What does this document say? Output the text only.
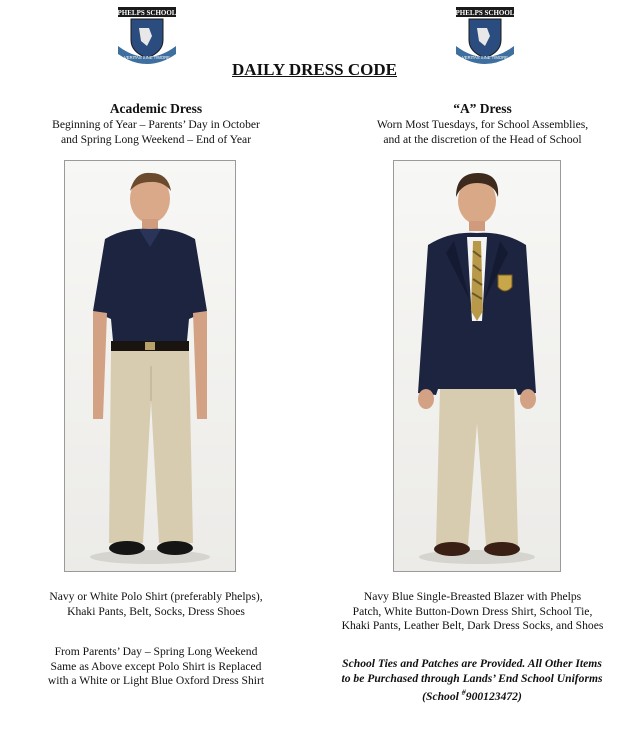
PHELPS SCHOOL
VERITAS SINE TIMORE
PHELPS SCHOOL
VERITAS SINE TIMORE
DAILY DRESS CODE
Academic Dress
Beginning of Year – Parents’ Day in October
and Spring Long Weekend – End of Year
“A” Dress
Worn Most Tuesdays, for School Assemblies,
and at the discretion of the Head of School
Navy or White Polo Shirt (preferably Phelps),
Khaki Pants, Belt, Socks, Dress Shoes
Navy Blue Single-Breasted Blazer with Phelps
Patch, White Button-Down Dress Shirt, School Tie,
Khaki Pants, Leather Belt, Dark Dress Socks, and Shoes
From Parents’ Day – Spring Long Weekend
Same as Above except Polo Shirt is Replaced
with a White or Light Blue Oxford Dress Shirt
School Ties and Patches are Provided. All Other Items
to be Purchased through Lands’ End School Uniforms
(School #900123472)
